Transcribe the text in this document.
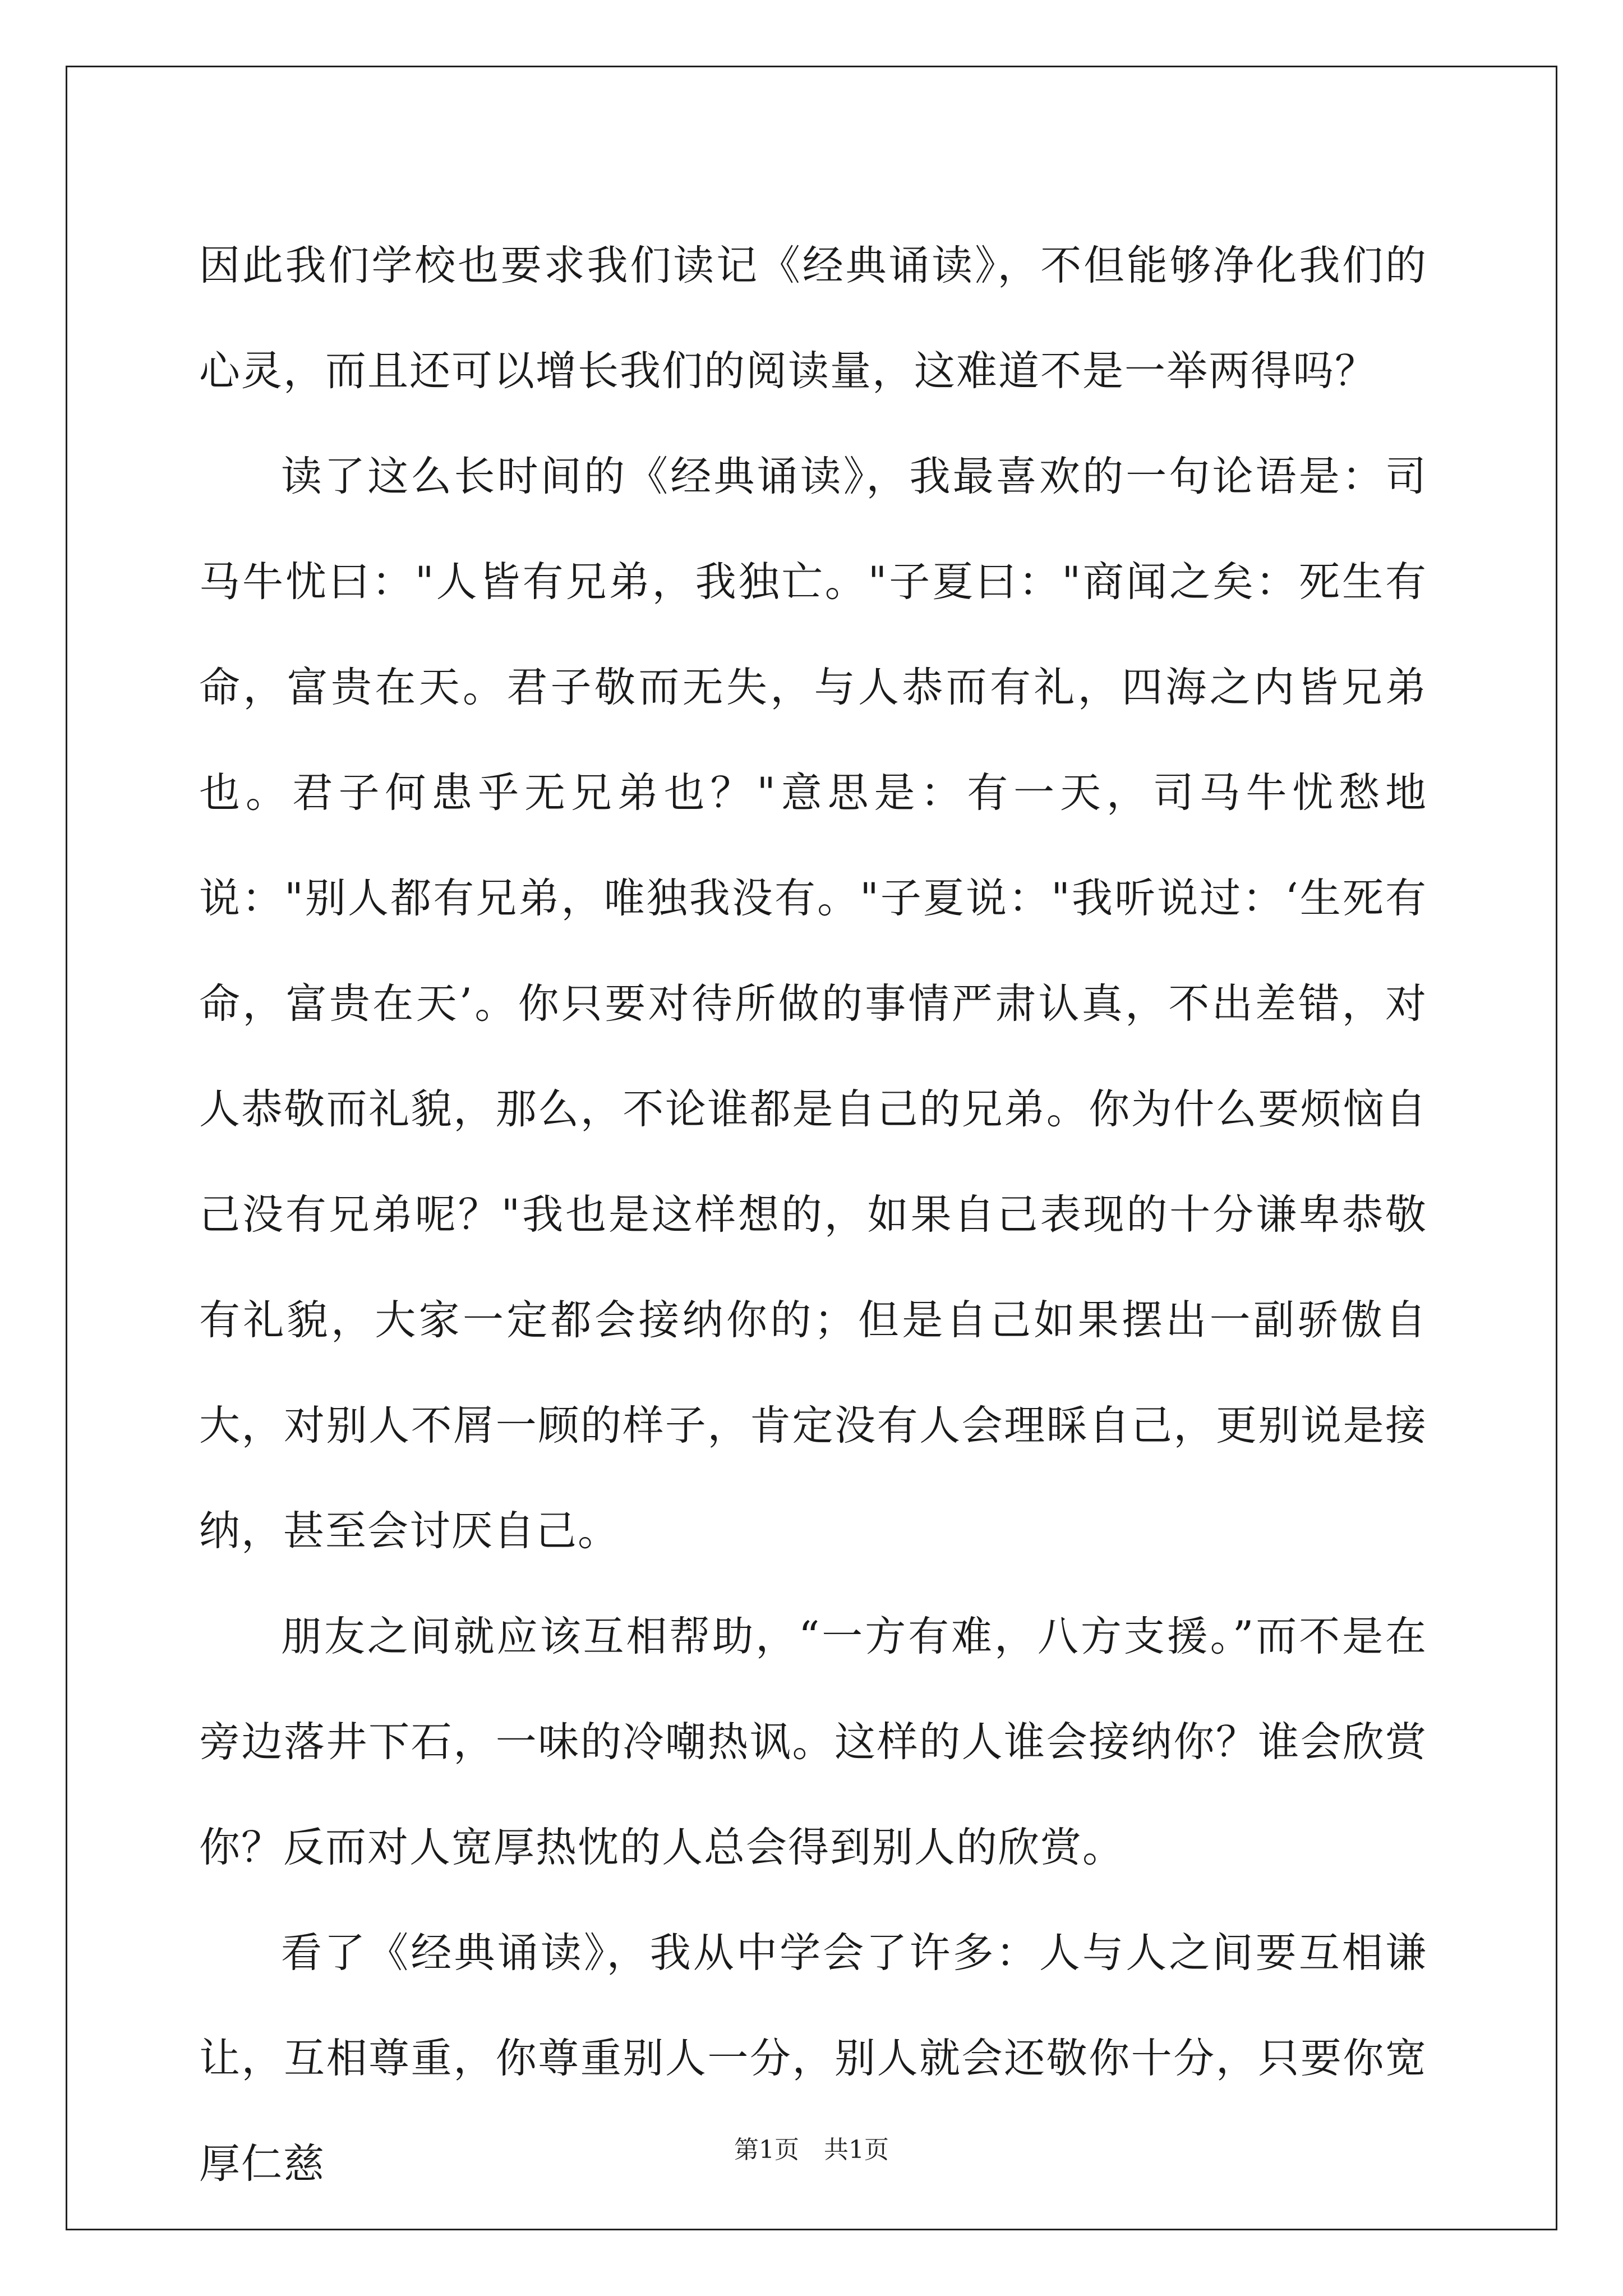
因此我们学校也要求我们读记《经典诵读》，不但能够净化我们的心灵，而且还可以增长我们的阅读量，这难道不是一举两得吗？

读了这么长时间的《经典诵读》，我最喜欢的一句论语是：司马牛忧曰："人皆有兄弟，我独亡。"子夏曰："商闻之矣：死生有命，富贵在天。君子敬而无失，与人恭而有礼，四海之内皆兄弟也。君子何患乎无兄弟也？"意思是：有一天，司马牛忧愁地说："别人都有兄弟，唯独我没有。"子夏说："我听说过：‘生死有命，富贵在天’。你只要对待所做的事情严肃认真，不出差错，对人恭敬而礼貌，那么，不论谁都是自己的兄弟。你为什么要烦恼自己没有兄弟呢？"我也是这样想的，如果自己表现的十分谦卑恭敬有礼貌，大家一定都会接纳你的；但是自己如果摆出一副骄傲自大，对别人不屑一顾的样子，肯定没有人会理睬自己，更别说是接纳，甚至会讨厌自己。

朋友之间就应该互相帮助，“一方有难，八方支援。”而不是在旁边落井下石，一味的冷嘲热讽。这样的人谁会接纳你？谁会欣赏你？反而对人宽厚热忱的人总会得到别人的欣赏。

看了《经典诵读》，我从中学会了许多：人与人之间要互相谦让，互相尊重，你尊重别人一分，别人就会还敬你十分，只要你宽厚仁慈	第1页　共1页
